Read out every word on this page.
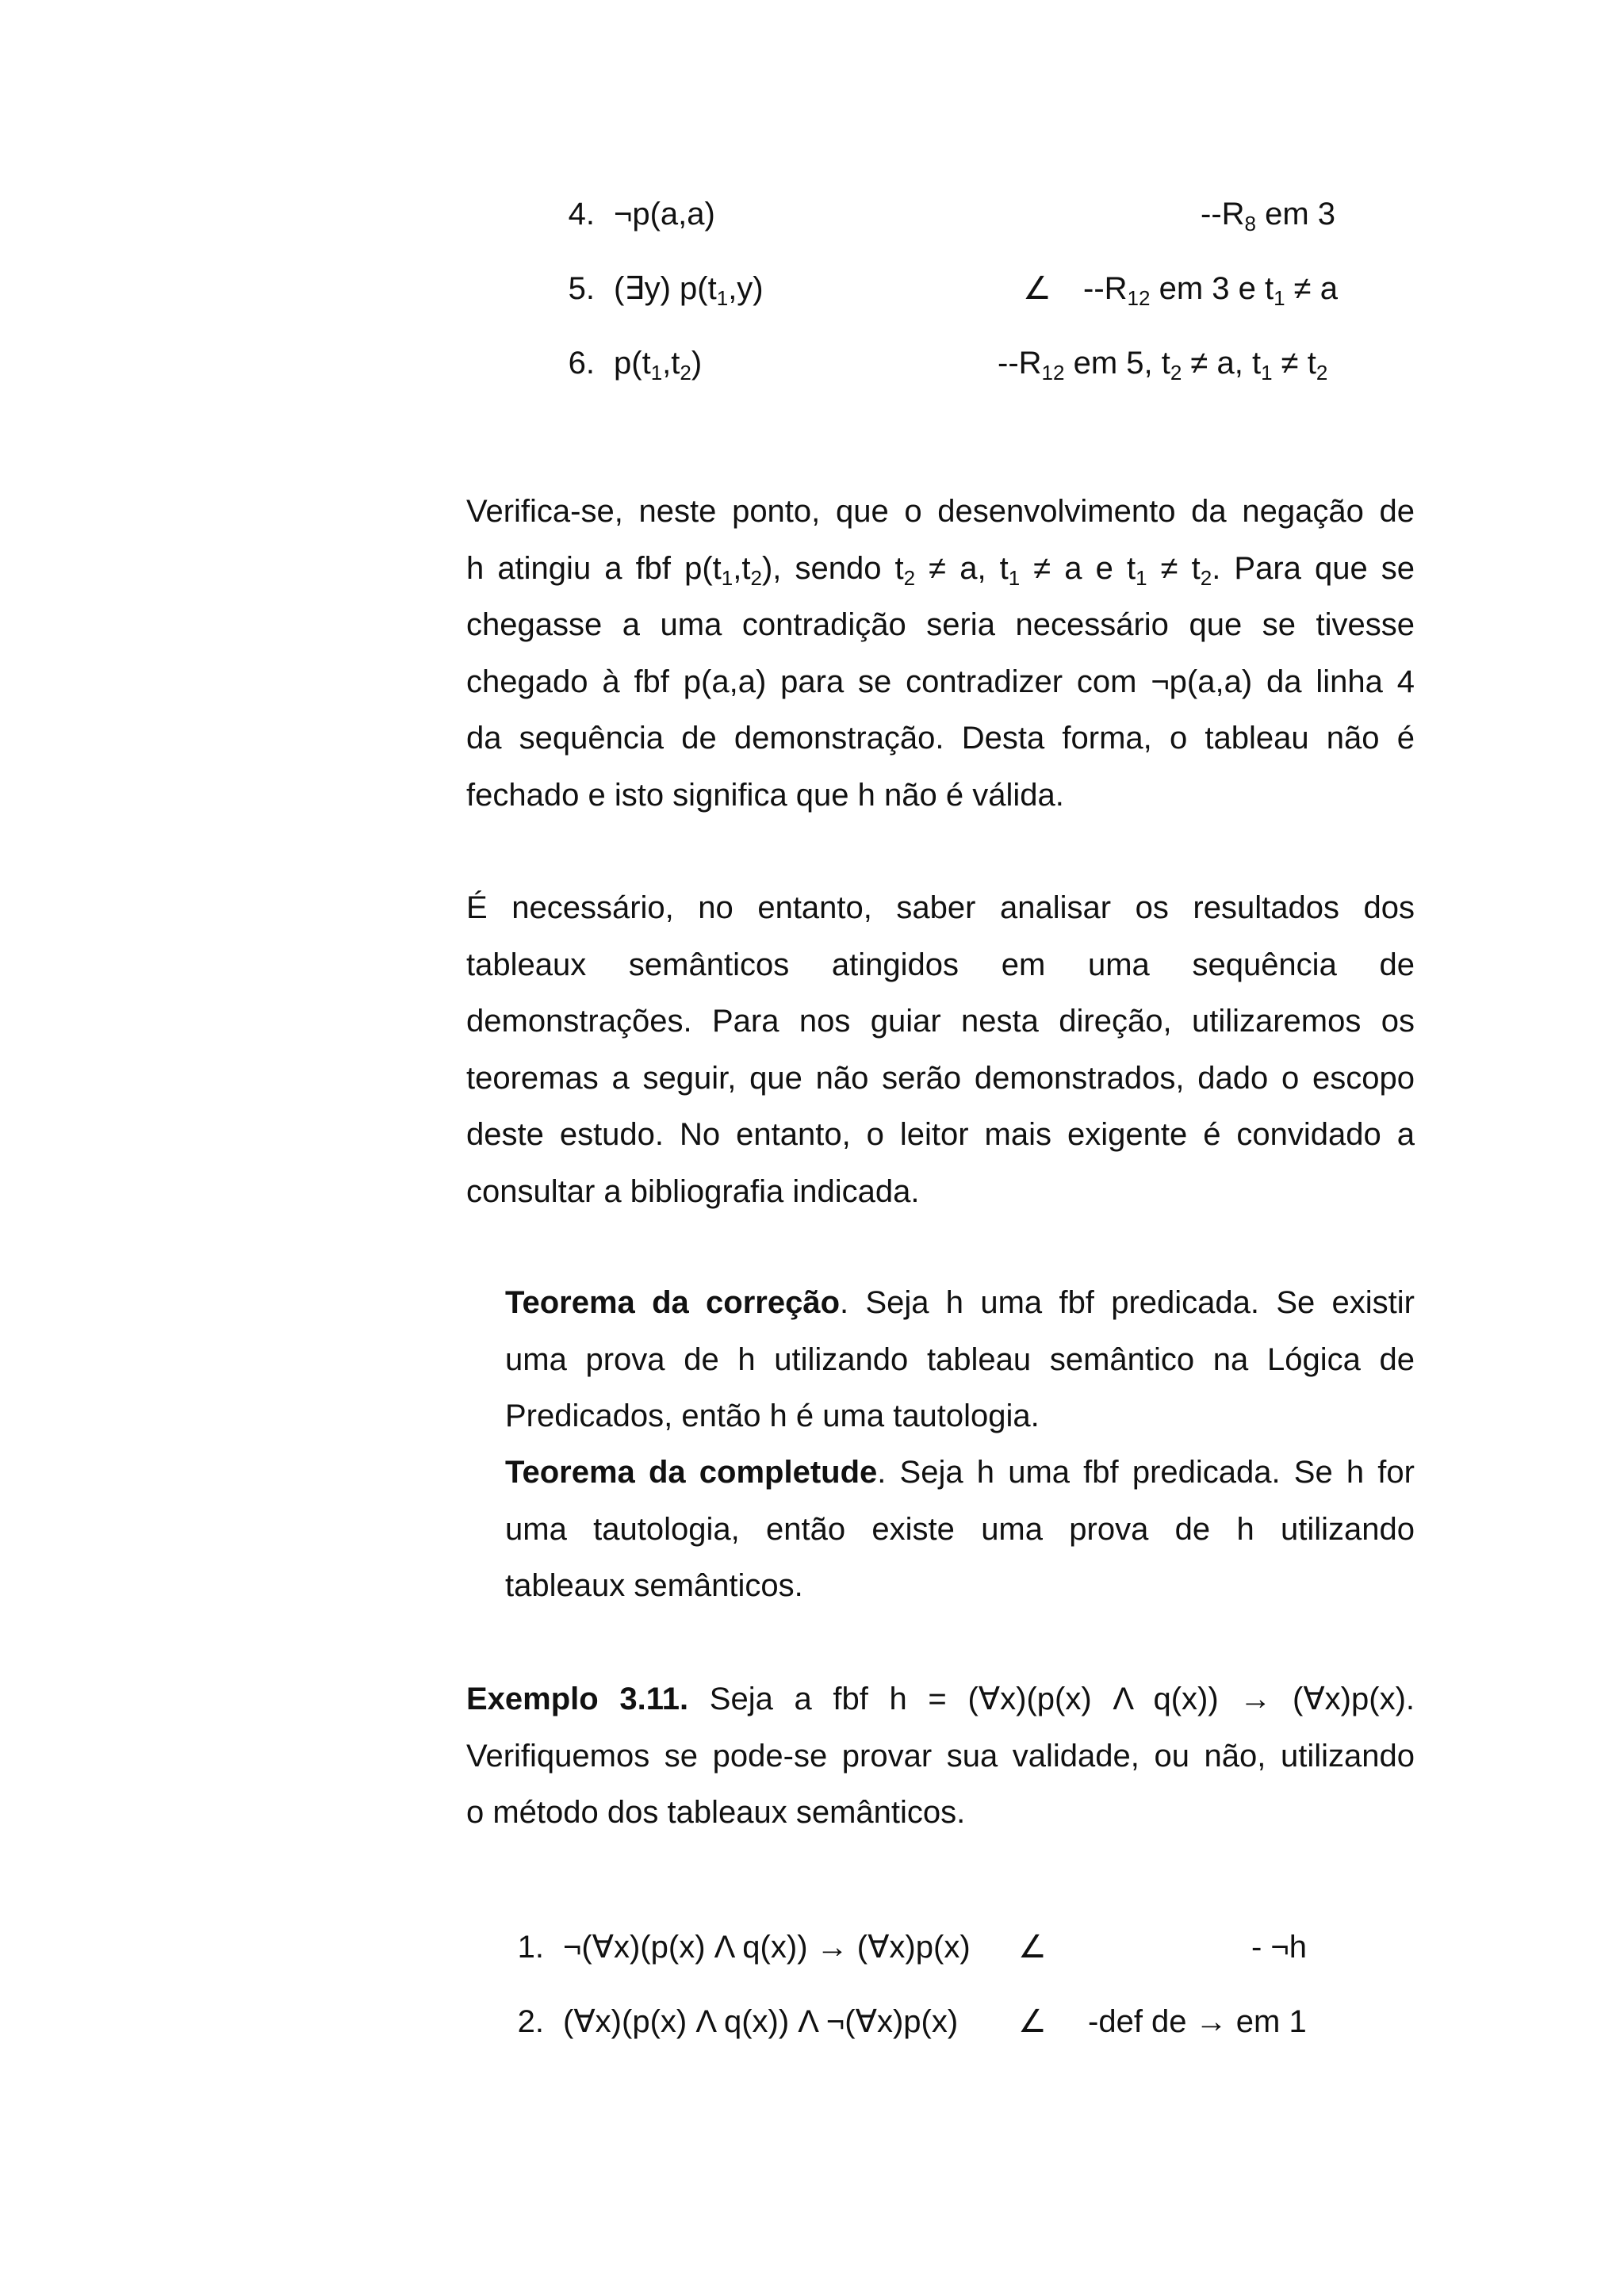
4. ¬p(a,a)	$--R_8$ em 3
5. (∃y) $p(t_1,y)$	∠ $--R_{12}$ em 3 e $t_1 \ne a$
6. $p(t_1,t_2)$	$--R_{12}$ em 5, $t_2 \ne a$, $t_1 \ne t_2$
Verifica-se, neste ponto, que o desenvolvimento da negação de
h atingiu a fbf $p(t_1,t_2)$, sendo $t_2 \ne a$, $t_1 \ne a$ e $t_1 \ne t_2$. Para que se
chegasse a uma contradição seria necessário que se tivesse
chegado à fbf p(a,a) para se contradizer com ¬p(a,a) da linha 4
da sequência de demonstração. Desta forma, o tableau não é
fechado e isto significa que h não é válida.
É necessário, no entanto, saber analisar os resultados dos
tableaux semânticos atingidos em uma sequência de
demonstrações. Para nos guiar nesta direção, utilizaremos os
teoremas a seguir, que não serão demonstrados, dado o escopo
deste estudo. No entanto, o leitor mais exigente é convidado a
consultar a bibliografia indicada.
Teorema da correção. Seja h uma fbf predicada. Se existir
uma prova de h utilizando tableau semântico na Lógica de
Predicados, então h é uma tautologia.
Teorema da completude. Seja h uma fbf predicada. Se h for
uma tautologia, então existe uma prova de h utilizando
tableaux semânticos.
Exemplo 3.11. Seja a fbf h = (∀x)(p(x) Λ q(x)) → (∀x)p(x).
Verifiquemos se pode-se provar sua validade, ou não, utilizando
o método dos tableaux semânticos.
1. ¬(∀x)(p(x) Λ q(x)) → (∀x)p(x) ∠	- ¬h
2. (∀x)(p(x) Λ q(x)) Λ ¬(∀x)p(x) ∠ -def de → em 1
